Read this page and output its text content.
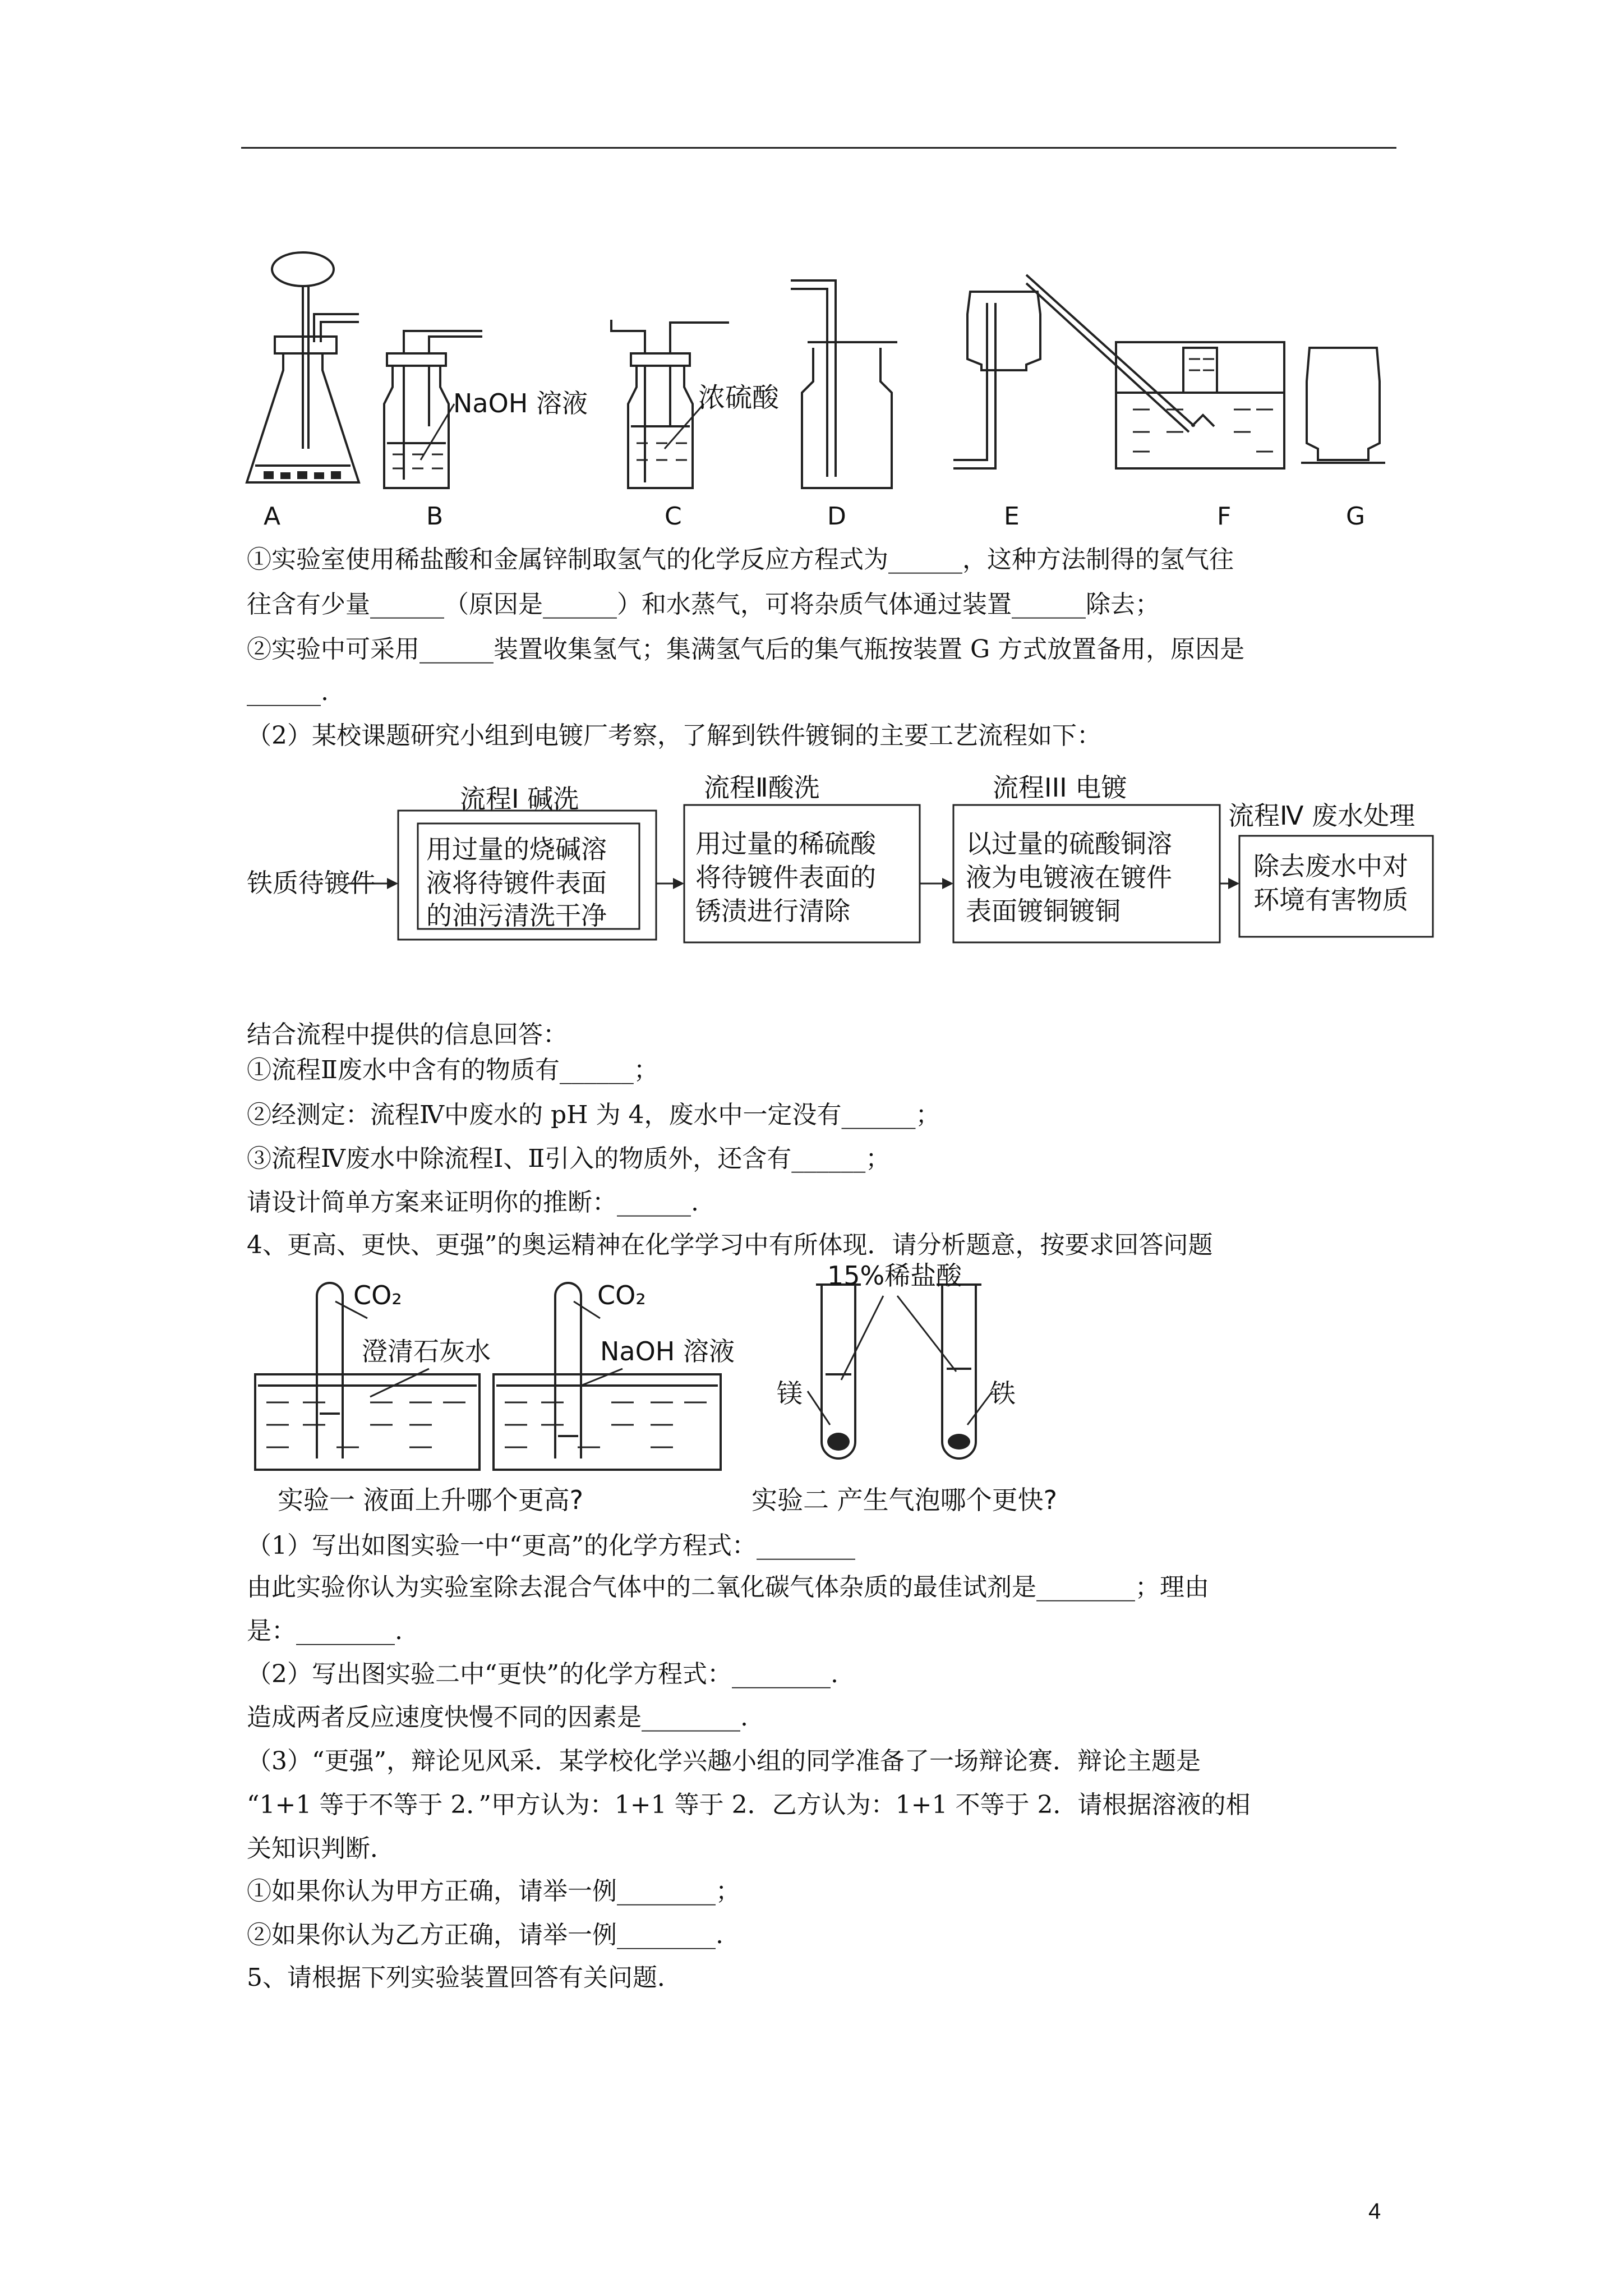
NaOH 溶液	浓硫酸
A	B	C	D	E	F	G
①实验室使用稀盐酸和金属锌制取氢气的化学反应方程式为______，这种方法制得的氢气往
往含有少量______（原因是______）和水蒸气，可将杂质气体通过装置______除去；
②实验中可采用______装置收集氢气；集满氢气后的集气瓶按装置 G 方式放置备用，原因是
______.
（2）某校课题研究小组到电镀厂考察，了解到铁件镀铜的主要工艺流程如下：
铁质待镀件
流程Ⅰ 碱洗
用过量的烧碱溶
液将待镀件表面
的油污清洗干净
流程Ⅱ酸洗
用过量的稀硫酸
将待镀件表面的
锈渍进行清除
流程III 电镀
以过量的硫酸铜溶
液为电镀液在镀件
表面镀铜镀铜
流程Ⅳ 废水处理
除去废水中对
环境有害物质
结合流程中提供的信息回答：
①流程Ⅱ废水中含有的物质有______；
②经测定：流程Ⅳ中废水的 pH 为 4，废水中一定没有______；
③流程Ⅳ废水中除流程Ⅰ、Ⅱ引入的物质外，还含有______；
请设计简单方案来证明你的推断：______.
4、更高、更快、更强”的奥运精神在化学学习中有所体现．请分析题意，按要求回答问题
CO₂	CO₂
澄清石灰水	NaOH 溶液
15%稀盐酸
镁	铁
实验一 液面上升哪个更高?	实验二 产生气泡哪个更快?
（1）写出如图实验一中“更高”的化学方程式：________
由此实验你认为实验室除去混合气体中的二氧化碳气体杂质的最佳试剂是________；理由
是：________.
（2）写出图实验二中“更快”的化学方程式：________.
造成两者反应速度快慢不同的因素是________.
（3）“更强”，辩论见风采．某学校化学兴趣小组的同学准备了一场辩论赛．辩论主题是
“1+1 等于不等于 2．”甲方认为：1+1 等于 2．乙方认为：1+1 不等于 2．请根据溶液的相
关知识判断．
①如果你认为甲方正确，请举一例________；
②如果你认为乙方正确，请举一例________.
5、请根据下列实验装置回答有关问题．
4
